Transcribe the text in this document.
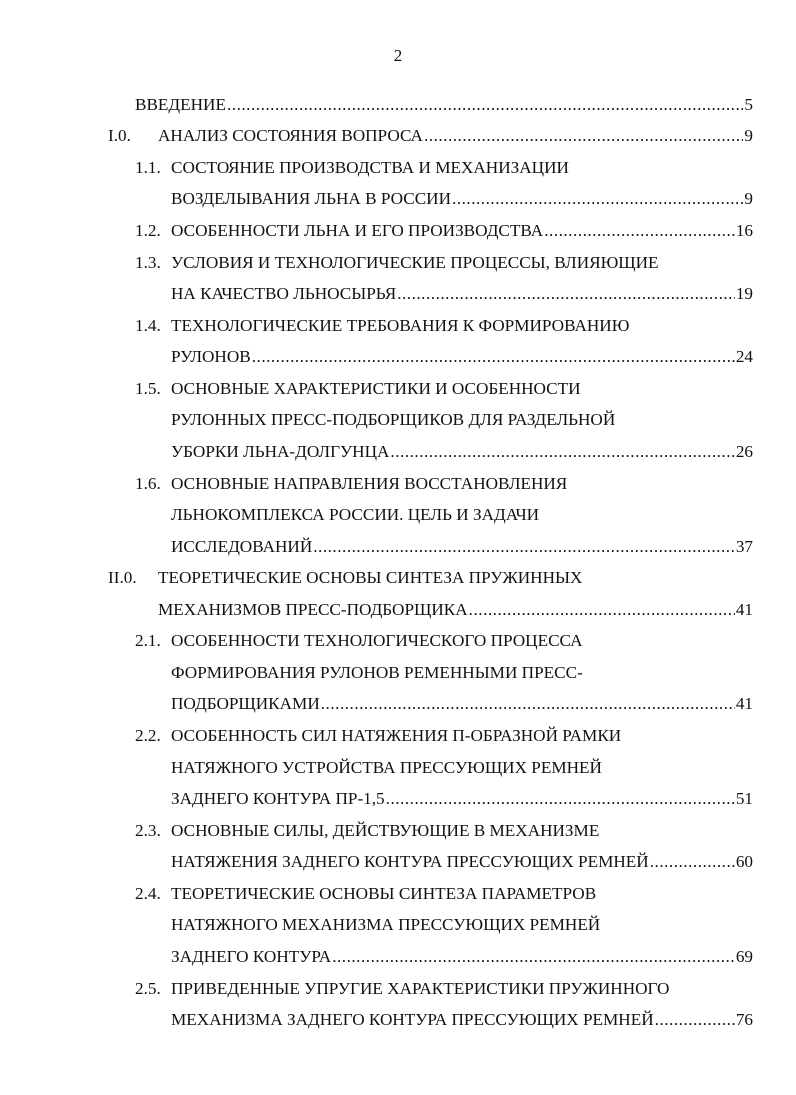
2
ВВЕДЕНИЕ .....	5
I.0.	АНАЛИЗ СОСТОЯНИЯ ВОПРОСА .....	9
1.1. СОСТОЯНИЕ ПРОИЗВОДСТВА И МЕХАНИЗАЦИИ
ВОЗДЕЛЫВАНИЯ ЛЬНА В РОССИИ .....	9
1.2. ОСОБЕННОСТИ ЛЬНА И ЕГО ПРОИЗВОДСТВА .....	16
1.3. УСЛОВИЯ И ТЕХНОЛОГИЧЕСКИЕ ПРОЦЕССЫ, ВЛИЯЮЩИЕ
НА КАЧЕСТВО ЛЬНОСЫРЬЯ .....	19
1.4. ТЕХНОЛОГИЧЕСКИЕ ТРЕБОВАНИЯ К ФОРМИРОВАНИЮ
РУЛОНОВ .....	24
1.5. ОСНОВНЫЕ ХАРАКТЕРИСТИКИ И ОСОБЕННОСТИ
РУЛОННЫХ ПРЕСС-ПОДБОРЩИКОВ ДЛЯ РАЗДЕЛЬНОЙ
УБОРКИ ЛЬНА-ДОЛГУНЦА .....	26
1.6. ОСНОВНЫЕ НАПРАВЛЕНИЯ ВОССТАНОВЛЕНИЯ
ЛЬНОКОМПЛЕКСА РОССИИ. ЦЕЛЬ И ЗАДАЧИ
ИССЛЕДОВАНИЙ .....	37
II.0.	ТЕОРЕТИЧЕСКИЕ ОСНОВЫ СИНТЕЗА ПРУЖИННЫХ
МЕХАНИЗМОВ ПРЕСС-ПОДБОРЩИКА .....	41
2.1. ОСОБЕННОСТИ ТЕХНОЛОГИЧЕСКОГО ПРОЦЕССА
ФОРМИРОВАНИЯ РУЛОНОВ РЕМЕННЫМИ ПРЕСС-
ПОДБОРЩИКАМИ .....	41
2.2. ОСОБЕННОСТЬ СИЛ НАТЯЖЕНИЯ П-ОБРАЗНОЙ РАМКИ
НАТЯЖНОГО УСТРОЙСТВА ПРЕССУЮЩИХ РЕМНЕЙ
ЗАДНЕГО КОНТУРА ПР-1,5 .....	51
2.3. ОСНОВНЫЕ СИЛЫ, ДЕЙСТВУЮЩИЕ В МЕХАНИЗМЕ
НАТЯЖЕНИЯ ЗАДНЕГО КОНТУРА ПРЕССУЮЩИХ РЕМНЕЙ .....	60
2.4. ТЕОРЕТИЧЕСКИЕ ОСНОВЫ СИНТЕЗА ПАРАМЕТРОВ
НАТЯЖНОГО МЕХАНИЗМА ПРЕССУЮЩИХ РЕМНЕЙ
ЗАДНЕГО КОНТУРА .....	69
2.5. ПРИВЕДЕННЫЕ УПРУГИЕ ХАРАКТЕРИСТИКИ ПРУЖИННОГО
МЕХАНИЗМА ЗАДНЕГО КОНТУРА ПРЕССУЮЩИХ РЕМНЕЙ .....	76
